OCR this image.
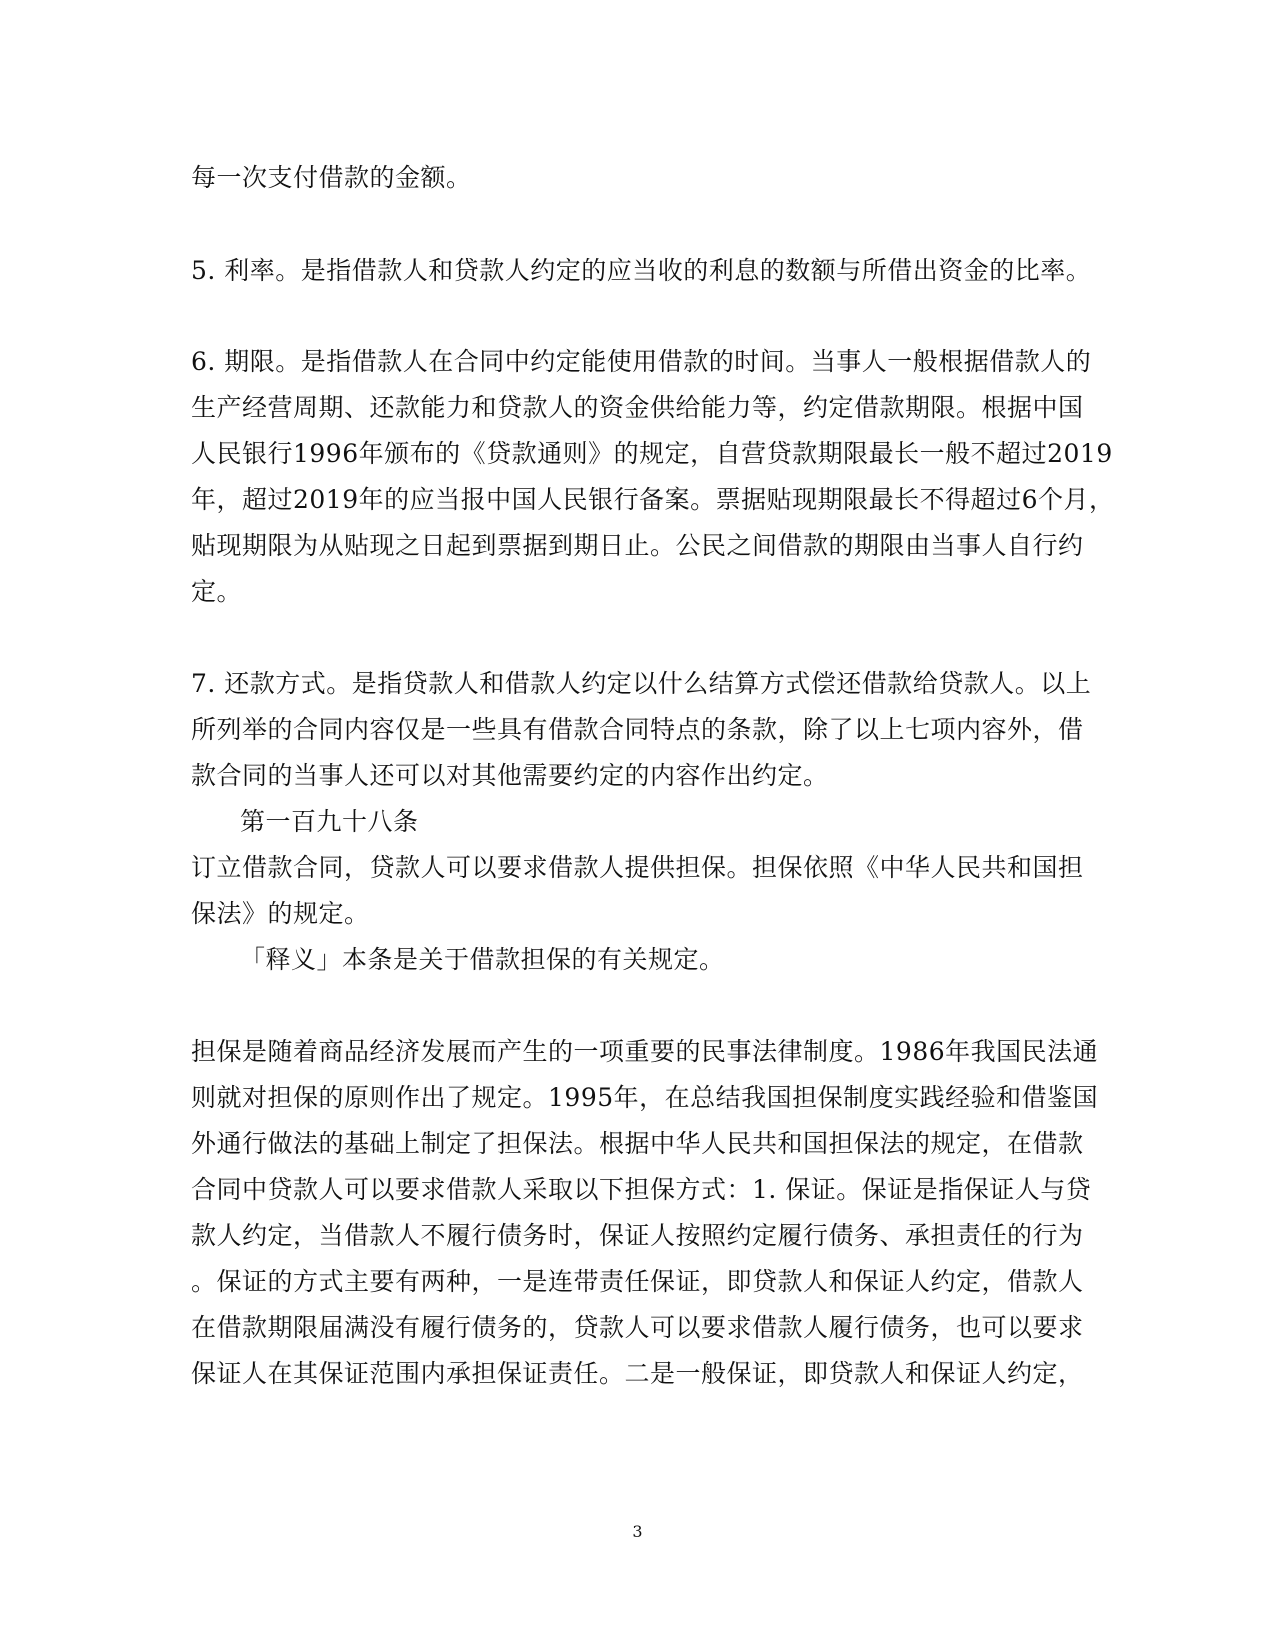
每一次支付借款的金额。
5. 利率。是指借款人和贷款人约定的应当收的利息的数额与所借出资金的比率。
6. 期限。是指借款人在合同中约定能使用借款的时间。当事人一般根据借款人的
生产经营周期、还款能力和贷款人的资金供给能力等，约定借款期限。根据中国
人民银行1996年颁布的《贷款通则》的规定，自营贷款期限最长一般不超过2019
年，超过2019年的应当报中国人民银行备案。票据贴现期限最长不得超过6个月，
贴现期限为从贴现之日起到票据到期日止。公民之间借款的期限由当事人自行约
定。
7. 还款方式。是指贷款人和借款人约定以什么结算方式偿还借款给贷款人。以上
所列举的合同内容仅是一些具有借款合同特点的条款，除了以上七项内容外，借
款合同的当事人还可以对其他需要约定的内容作出约定。
第一百九十八条
订立借款合同，贷款人可以要求借款人提供担保。担保依照《中华人民共和国担
保法》的规定。
「释义」本条是关于借款担保的有关规定。
担保是随着商品经济发展而产生的一项重要的民事法律制度。1986年我国民法通
则就对担保的原则作出了规定。1995年，在总结我国担保制度实践经验和借鉴国
外通行做法的基础上制定了担保法。根据中华人民共和国担保法的规定，在借款
合同中贷款人可以要求借款人采取以下担保方式：1. 保证。保证是指保证人与贷
款人约定，当借款人不履行债务时，保证人按照约定履行债务、承担责任的行为
。保证的方式主要有两种，一是连带责任保证，即贷款人和保证人约定，借款人
在借款期限届满没有履行债务的，贷款人可以要求借款人履行债务，也可以要求
保证人在其保证范围内承担保证责任。二是一般保证，即贷款人和保证人约定，
3
